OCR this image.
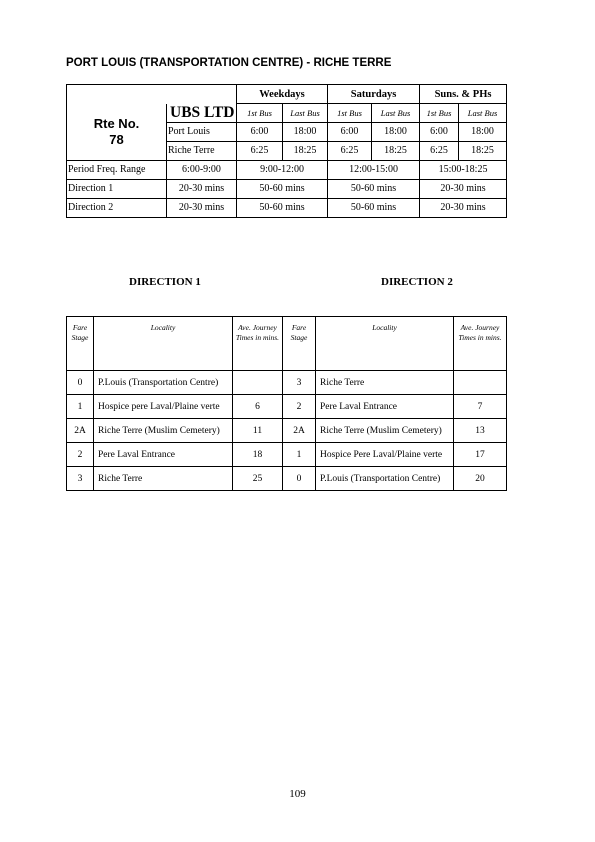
PORT LOUIS (TRANSPORTATION CENTRE) - RICHE TERRE
		Weekdays		Saturdays		Suns. & PHs	
Rte No.
78	UBS LTD	1st Bus	Last Bus	1st Bus	Last Bus	1st Bus	Last Bus
	Port Louis	6:00	18:00	6:00	18:00	6:00	18:00
	Riche Terre	6:25	18:25	6:25	18:25	6:25	18:25
Period Freq. Range	6:00-9:00	9:00-12:00		12:00-15:00		15:00-18:25	
Direction 1	20-30 mins	50-60 mins		50-60 mins		20-30 mins	
Direction 2	20-30 mins	50-60 mins		50-60 mins		20-30 mins	
DIRECTION 1	DIRECTION 2
Fare Stage	Locality	Ave. Journey Times in mins.	Fare Stage	Locality	Ave. Journey Times in mins.
0	P.Louis (Transportation Centre)		3	Riche Terre	
1	Hospice pere Laval/Plaine verte	6	2	Pere Laval Entrance	7
2A	Riche Terre (Muslim Cemetery)	11	2A	Riche Terre (Muslim Cemetery)	13
2	Pere Laval Entrance	18	1	Hospice Pere Laval/Plaine verte	17
3	Riche Terre	25	0	P.Louis (Transportation Centre)	20
109
